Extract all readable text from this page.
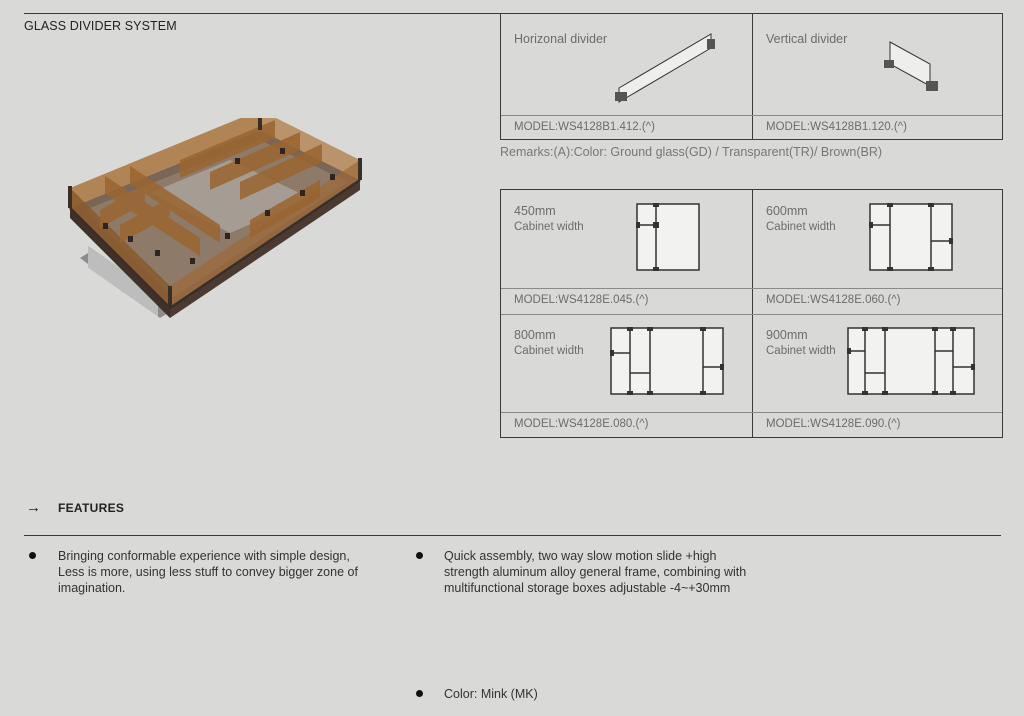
GLASS DIVIDER SYSTEM
Horizonal divider
MODEL:WS4128B1.412.(^)
Vertical divider
MODEL:WS4128B1.120.(^)
Remarks:(A):Color: Ground glass(GD) / Transparent(TR)/ Brown(BR)
450mm
Cabinet width
MODEL:WS4128E.045.(^)
600mm
Cabinet width
MODEL:WS4128E.060.(^)
800mm
Cabinet width
MODEL:WS4128E.080.(^)
900mm
Cabinet width
MODEL:WS4128E.090.(^)
→ FEATURES
Bringing conformable experience with simple design,
Less is more, using less stuff to convey bigger zone of
imagination.
Quick assembly, two way slow motion slide +high
strength aluminum alloy general frame, combining with
multifunctional storage boxes adjustable -4~+30mm
Color: Mink (MK)
